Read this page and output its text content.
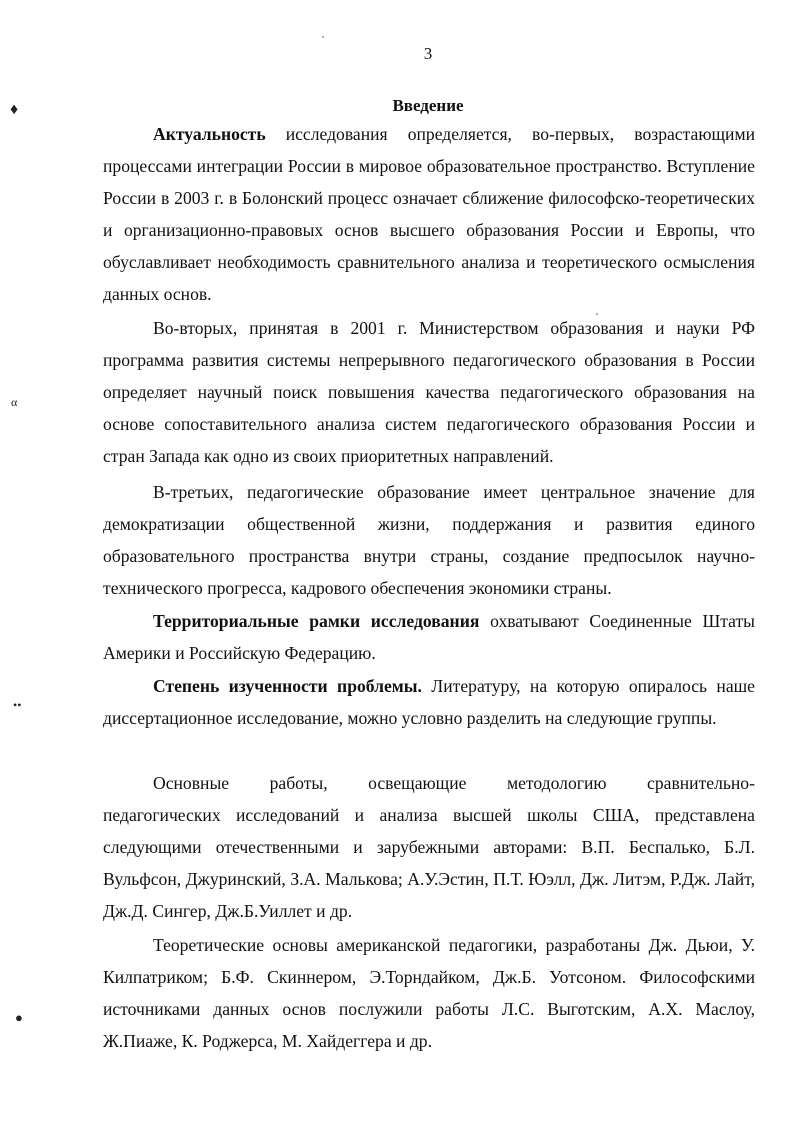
3
Введение

Актуальность исследования определяется, во-первых, возрастающими процессами интеграции России в мировое образовательное пространство. Вступление России в 2003 г. в Болонский процесс означает сближение философско-теоретических и организационно-правовых основ высшего образования России и Европы, что обуславливает необходимость сравнительного анализа и теоретического осмысления данных основ.

Во-вторых, принятая в 2001 г. Министерством образования и науки РФ программа развития системы непрерывного педагогического образования в России определяет научный поиск повышения качества педагогического образования на основе сопоставительного анализа систем педагогического образования России и стран Запада как одно из своих приоритетных направлений.

В-третьих, педагогические образование имеет центральное значение для демократизации общественной жизни, поддержания и развития единого образовательного пространства внутри страны, создание предпосылок научно-технического прогресса, кадрового обеспечения экономики страны.

Территориальные рамки исследования охватывают Соединенные Штаты Америки и Российскую Федерацию.

Степень изученности проблемы. Литературу, на которую опиралось наше диссертационное исследование, можно условно разделить на следующие группы.

Основные работы, освещающие методологию сравнительно-

педагогических исследований и анализа высшей школы США, представлена следующими отечественными и зарубежными авторами: В.П. Беспалько, Б.Л. Вульфсон, Джуринский, З.А. Малькова; А.У.Эстин, П.Т. Юэлл, Дж. Литэм, Р.Дж. Лайт, Дж.Д. Сингер, Дж.Б.Уиллет и др.

Теоретические основы американской педагогики, разработаны Дж. Дьюи, У. Килпатриком; Б.Ф. Скиннером, Э.Торндайком, Дж.Б. Уотсоном. Философскими источниками данных основ послужили работы Л.С. Выготским, А.Х. Маслоу, Ж.Пиаже, К. Роджерса, М. Хайдеггера и др.

♦
α
••
●
